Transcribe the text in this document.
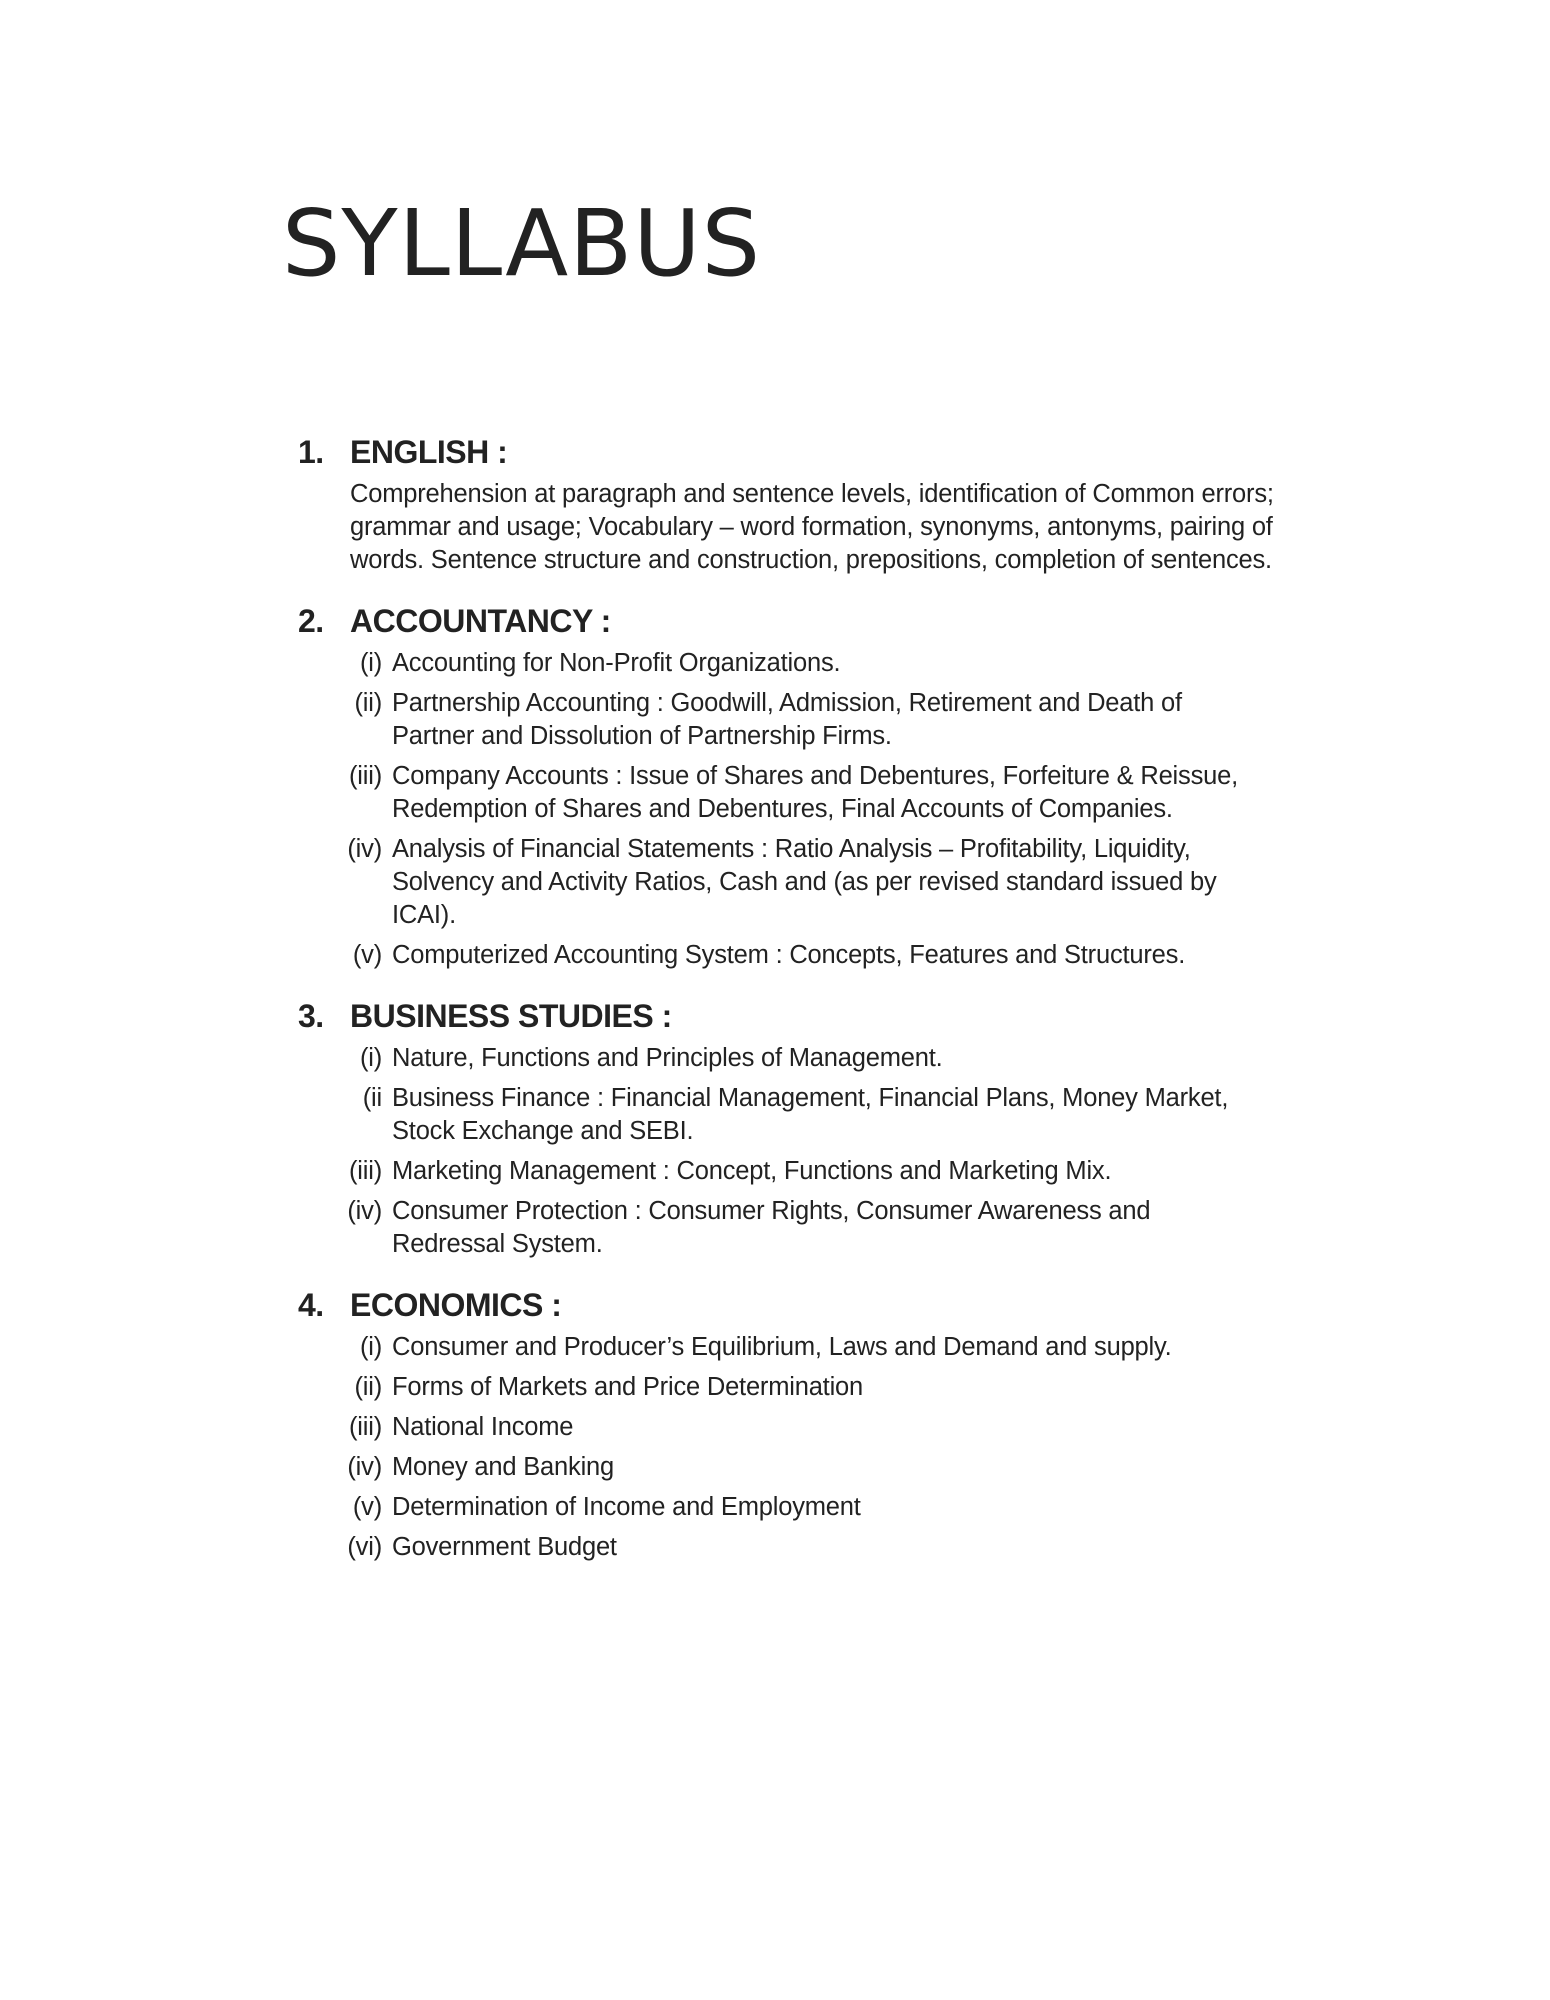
SYLLABUS
1. ENGLISH :
Comprehension at paragraph and sentence levels, identification of Common errors; grammar and usage; Vocabulary – word formation, synonyms, antonyms, pairing of words. Sentence structure and construction, prepositions, completion of sentences.
2. ACCOUNTANCY :
(i) Accounting for Non-Profit Organizations.
(ii) Partnership Accounting : Goodwill, Admission, Retirement and Death of Partner and Dissolution of Partnership Firms.
(iii) Company Accounts : Issue of Shares and Debentures, Forfeiture & Reissue, Redemption of Shares and Debentures, Final Accounts of Companies.
(iv) Analysis of Financial Statements : Ratio Analysis – Profitability, Liquidity, Solvency and Activity Ratios, Cash and (as per revised standard issued by ICAI).
(v) Computerized Accounting System : Concepts, Features and Structures.
3. BUSINESS STUDIES :
(i) Nature, Functions and Principles of Management.
(ii Business Finance : Financial Management, Financial Plans, Money Market, Stock Exchange and SEBI.
(iii) Marketing Management : Concept, Functions and Marketing Mix.
(iv) Consumer Protection : Consumer Rights, Consumer Awareness and Redressal System.
4. ECONOMICS :
(i) Consumer and Producer’s Equilibrium, Laws and Demand and supply.
(ii) Forms of Markets and Price Determination
(iii) National Income
(iv) Money and Banking
(v) Determination of Income and Employment
(vi) Government Budget
